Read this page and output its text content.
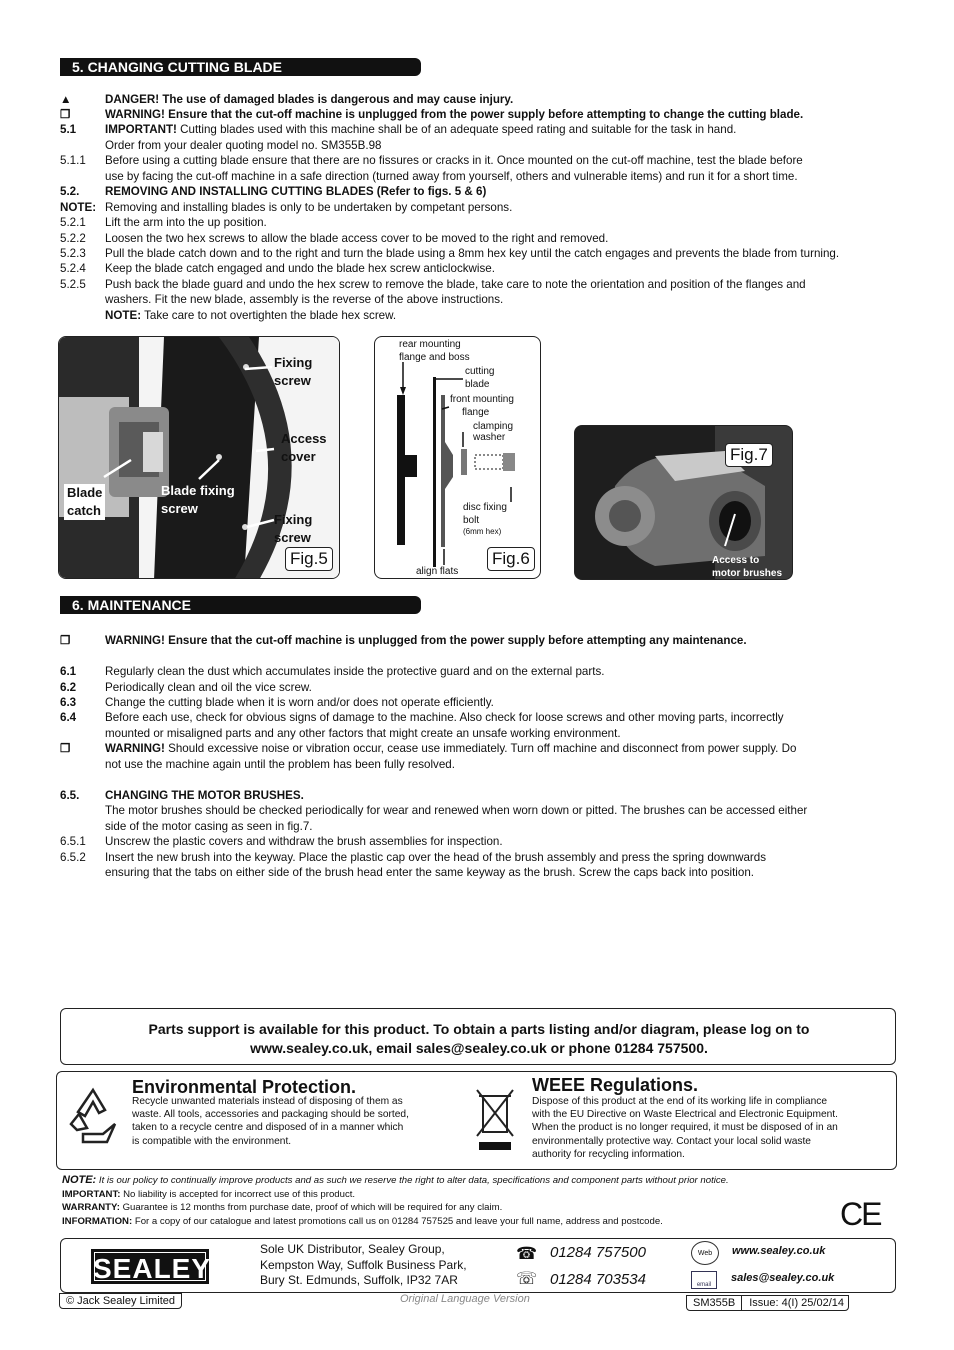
5. CHANGING CUTTING BLADE
▲	DANGER! The use of damaged blades is dangerous and may cause injury.
❐	WARNING! Ensure that the cut-off machine is unplugged from the power supply before attempting to change the cutting blade.
5.1 IMPORTANT! Cutting blades used with this machine shall be of an adequate speed rating and suitable for the task in hand.
Order from your dealer quoting model no. SM355B.98
5.1.1 Before using a cutting blade ensure that there are no fissures or cracks in it. Once mounted on the cut-off machine, test the blade before
use by facing the cut-off machine in a safe direction (turned away from yourself, others and vulnerable items) and run it for a short time.
5.2. REMOVING AND INSTALLING CUTTING BLADES (Refer to figs. 5 & 6)
NOTE: Removing and installing blades is only to be undertaken by competant persons.
5.2.1 Lift the arm into the up position.
5.2.2 Loosen the two hex screws to allow the blade access cover to be moved to the right and removed.
5.2.3 Pull the blade catch down and to the right and turn the blade using a 8mm hex key until the catch engages and prevents the blade from turning.
5.2.4 Keep the blade catch engaged and undo the blade hex screw anticlockwise.
5.2.5 Push back the blade guard and undo the hex screw to remove the blade, take care to note the orientation and position of the flanges and
washers. Fit the new blade, assembly is the reverse of the above instructions.
NOTE: Take care to not overtighten the blade hex screw.
Fixing
screw
Access
cover
Blade
catch
Blade fixing
screw
Fixing
screw
Fig.5
rear mounting
flange and boss
cutting
blade
front mounting
flange
clamping
washer
disc fixing
bolt
(6mm hex)
align flats
Fig.6
Fig.7
Access to
motor brushes
6. MAINTENANCE
❐	WARNING! Ensure that the cut-off machine is unplugged from the power supply before attempting any maintenance.
6.1 Regularly clean the dust which accumulates inside the protective guard and on the external parts.
6.2 Periodically clean and oil the vice screw.
6.3 Change the cutting blade when it is worn and/or does not operate efficiently.
6.4 Before each use, check for obvious signs of damage to the machine. Also check for loose screws and other moving parts, incorrectly
mounted or misaligned parts and any other factors that might create an unsafe working environment.
❐	WARNING! Should excessive noise or vibration occur, cease use immediately. Turn off machine and disconnect from power supply. Do
not use the machine again until the problem has been fully resolved.
6.5. CHANGING THE MOTOR BRUSHES.
The motor brushes should be checked periodically for wear and renewed when worn down or pitted. The brushes can be accessed either
side of the motor casing as seen in fig.7.
6.5.1 Unscrew the plastic covers and withdraw the brush assemblies for inspection.
6.5.2 Insert the new brush into the keyway. Place the plastic cap over the head of the brush assembly and press the spring downwards
ensuring that the tabs on either side of the brush head enter the same keyway as the brush. Screw the caps back into position.
Parts support is available for this product. To obtain a parts listing and/or diagram, please log on to
www.sealey.co.uk, email sales@sealey.co.uk or phone 01284 757500.
Environmental Protection.
Recycle unwanted materials instead of disposing of them as
waste. All tools, accessories and packaging should be sorted,
taken to a recycle centre and disposed of in a manner which
is compatible with the environment.
WEEE Regulations.
Dispose of this product at the end of its working life in compliance
with the EU Directive on Waste Electrical and Electronic Equipment.
When the product is no longer required, it must be disposed of in an
environmentally protective way. Contact your local solid waste
authority for recycling information.
NOTE: It is our policy to continually improve products and as such we reserve the right to alter data, specifications and component parts without prior notice.
IMPORTANT: No liability is accepted for incorrect use of this product.
WARRANTY: Guarantee is 12 months from purchase date, proof of which will be required for any claim.
INFORMATION: For a copy of our catalogue and latest promotions call us on 01284 757525 and leave your full name, address and postcode.	CE
SEALEY
Sole UK Distributor, Sealey Group,
Kempston Way, Suffolk Business Park,
Bury St. Edmunds, Suffolk, IP32 7AR
☎ 01284 757500
☏ 01284 703534
Web	www.sealey.co.uk
email
sales@sealey.co.uk
© Jack Sealey Limited	Original Language Version	SM355B	Issue: 4(I) 25/02/14
